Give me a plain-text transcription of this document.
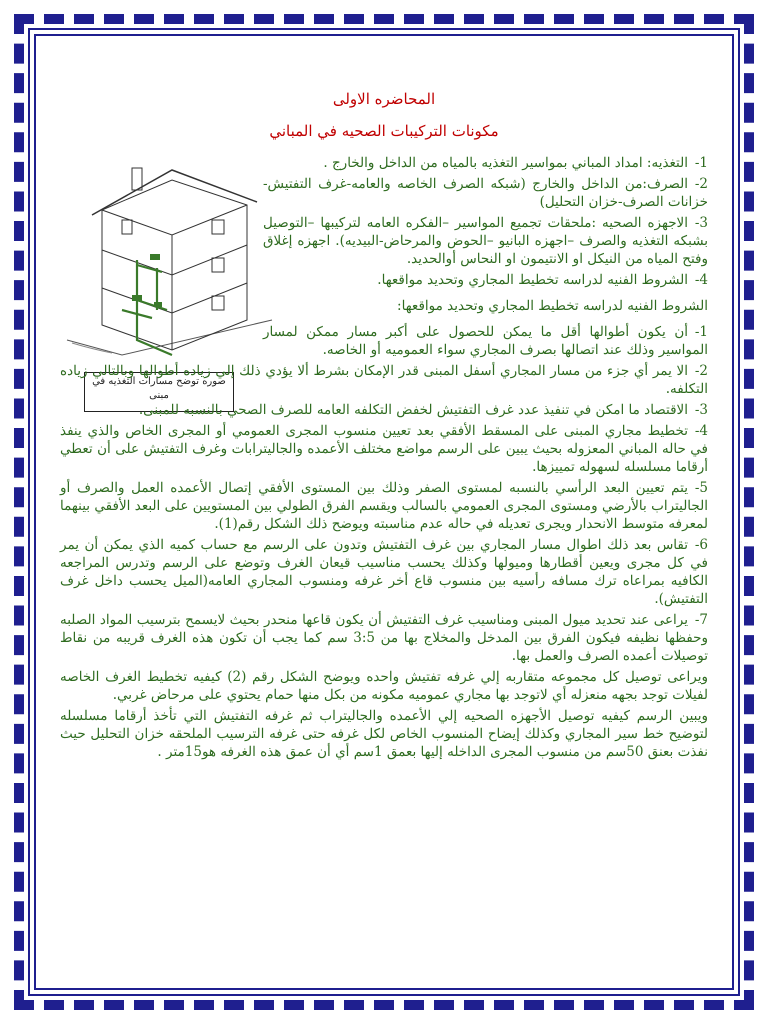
صوره توضح مسارات التغذيه في مبنى
المحاضره الاولى
مكونات التركيبات الصحيه في المباني

1-التغذيه: امداد المباني بمواسير التغذيه بالمياه من الداخل والخارج .

2-الصرف:من الداخل والخارج (شبكه الصرف الخاصه والعامه-غرف التفتيش-خزانات الصرف-خزان التحليل)

3-الاجهزه الصحيه :ملحقات تجميع المواسير –الفكره العامه لتركيبها –التوصيل بشبكه التغذيه والصرف –اجهزه البانيو –الحوض والمرحاض-البيديه). اجهزه إغلاق وفتح المياه من النيكل او الانتيمون او النحاس أوالحديد.

4-الشروط الفنيه لدراسه تخطيط المجاري وتحديد مواقعها.

الشروط الفنيه لدراسه تخطيط المجاري وتحديد مواقعها:

1-أن يكون أطوالها أقل ما يمكن للحصول على أكبر مسار ممكن لمسار المواسير وذلك عند اتصالها بصرف المجاري سواء العموميه أو الخاصه.

2-الا يمر أي جزء من مسار المجاري أسفل المبنى قدر الإمكان بشرط ألا يؤدي ذلك إلي زياده أطوالها وبالتالي زياده التكلفه.

3-الاقتصاد ما امكن في تنفيذ عدد غرف التفتيش لخفض التكلفه العامه للصرف الصحي بالنسبه للمبنى.

4-تخطيط مجاري المبنى على المسقط الأفقي بعد تعيين منسوب المجرى العمومي أو المجرى الخاص والذي ينفذ في حاله المباني المعزوله بحيث يبين على الرسم مواضع مختلف الأعمده والجاليترابات وغرف التفتيش على أن تعطي أرقاما مسلسله لسهوله تمييزها.

5-يتم تعيين البعد الرأسي بالنسبه لمستوى الصفر وذلك بين المستوى الأفقي إتصال الأعمده العمل والصرف أو الجاليتراب بالأرضي ومستوى المجرى العمومي بالسالب ويقسم الفرق الطولي بين المستويين على البعد الأفقي بينهما لمعرفه متوسط الانحدار ويجرى تعديله في حاله عدم مناسبته ويوضح ذلك الشكل رقم(1).

6-تقاس بعد ذلك اطوال مسار المجاري بين غرف التفتيش وتدون على الرسم مع حساب كميه الذي يمكن أن يمر في كل مجرى ويعين أقطارها وميولها وكذلك يحسب مناسيب قيعان الغرف وتوضع على الرسم وتدرس المراجعه الكافيه بمراعاه ترك مسافه رأسيه بين منسوب قاع أخر غرفه ومنسوب المجاري العامه(الميل يحسب داخل غرف التفتيش).

7-يراعى عند تحديد ميول المبنى ومناسيب غرف التفتيش أن يكون قاعها منحدر بحيث لايسمح بترسيب المواد الصلبه وحفظها نظيفه فيكون الفرق بين المدخل والمخلاج بها من 3:5 سم كما يجب أن تكون هذه الغرف قريبه من نقاط توصيلات أعمده الصرف والعمل بها.

ويراعى توصيل كل مجموعه متقاربه إلي غرفه تفتيش واحده ويوضح الشكل رقم (2) كيفيه تخطيط الغرف الخاصه لفيلات توجد بجهه منعزله أي لاتوجد بها مجاري عموميه مكونه من بكل منها حمام يحتوي على مرحاض غربي.

ويبين الرسم كيفيه توصيل الأجهزه الصحيه إلي الأعمده والجاليتراب ثم غرفه التفتيش التي تأخذ أرقاما مسلسله لتوضيح خط سير المجاري وكذلك إيضاح المنسوب الخاص لكل غرفه حتى غرفه الترسيب الملحقه خزان التحليل حيث نفذت بعنق 50سم من منسوب المجرى الداخله إليها بعمق 1سم أي أن عمق هذه الغرفه هو15متر .
